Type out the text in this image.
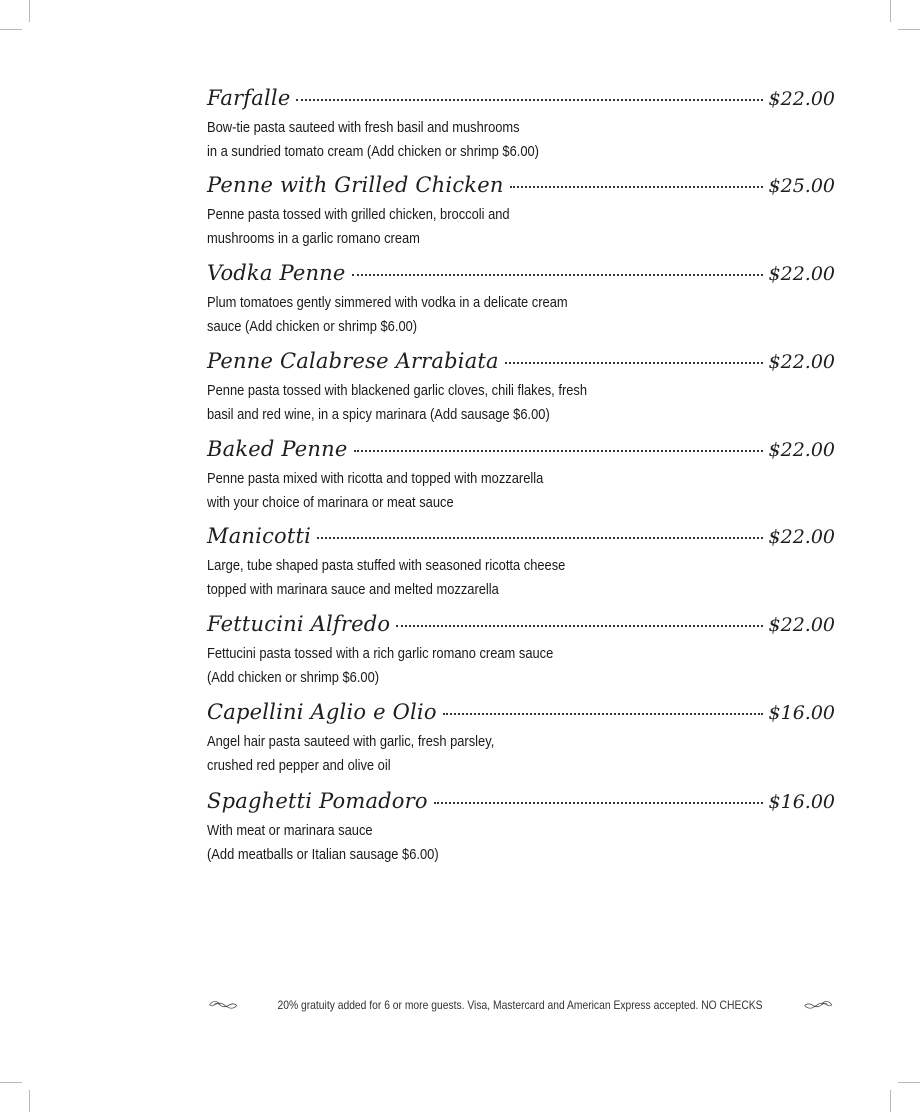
Farfalle	$22.00
Bow-tie pasta sauteed with fresh basil and mushrooms
in a sundried tomato cream (Add chicken or shrimp $6.00)
Penne with Grilled Chicken	$25.00
Penne pasta tossed with grilled chicken, broccoli and
mushrooms in a garlic romano cream
Vodka Penne	$22.00
Plum tomatoes gently simmered with vodka in a delicate cream
sauce (Add chicken or shrimp $6.00)
Penne Calabrese Arrabiata	$22.00
Penne pasta tossed with blackened garlic cloves, chili flakes, fresh
basil and red wine, in a spicy marinara (Add sausage $6.00)
Baked Penne	$22.00
Penne pasta mixed with ricotta and topped with mozzarella
with your choice of marinara or meat sauce
Manicotti	$22.00
Large, tube shaped pasta stuffed with seasoned ricotta cheese
topped with marinara sauce and melted mozzarella
Fettucini Alfredo	$22.00
Fettucini pasta tossed with a rich garlic romano cream sauce
(Add chicken or shrimp $6.00)
Capellini Aglio e Olio	$16.00
Angel hair pasta sauteed with garlic, fresh parsley,
crushed red pepper and olive oil
Spaghetti Pomadoro	$16.00
With meat or marinara sauce
(Add meatballs or Italian sausage $6.00)
20% gratuity added for 6 or more guests. Visa, Mastercard and American Express accepted. NO CHECKS
